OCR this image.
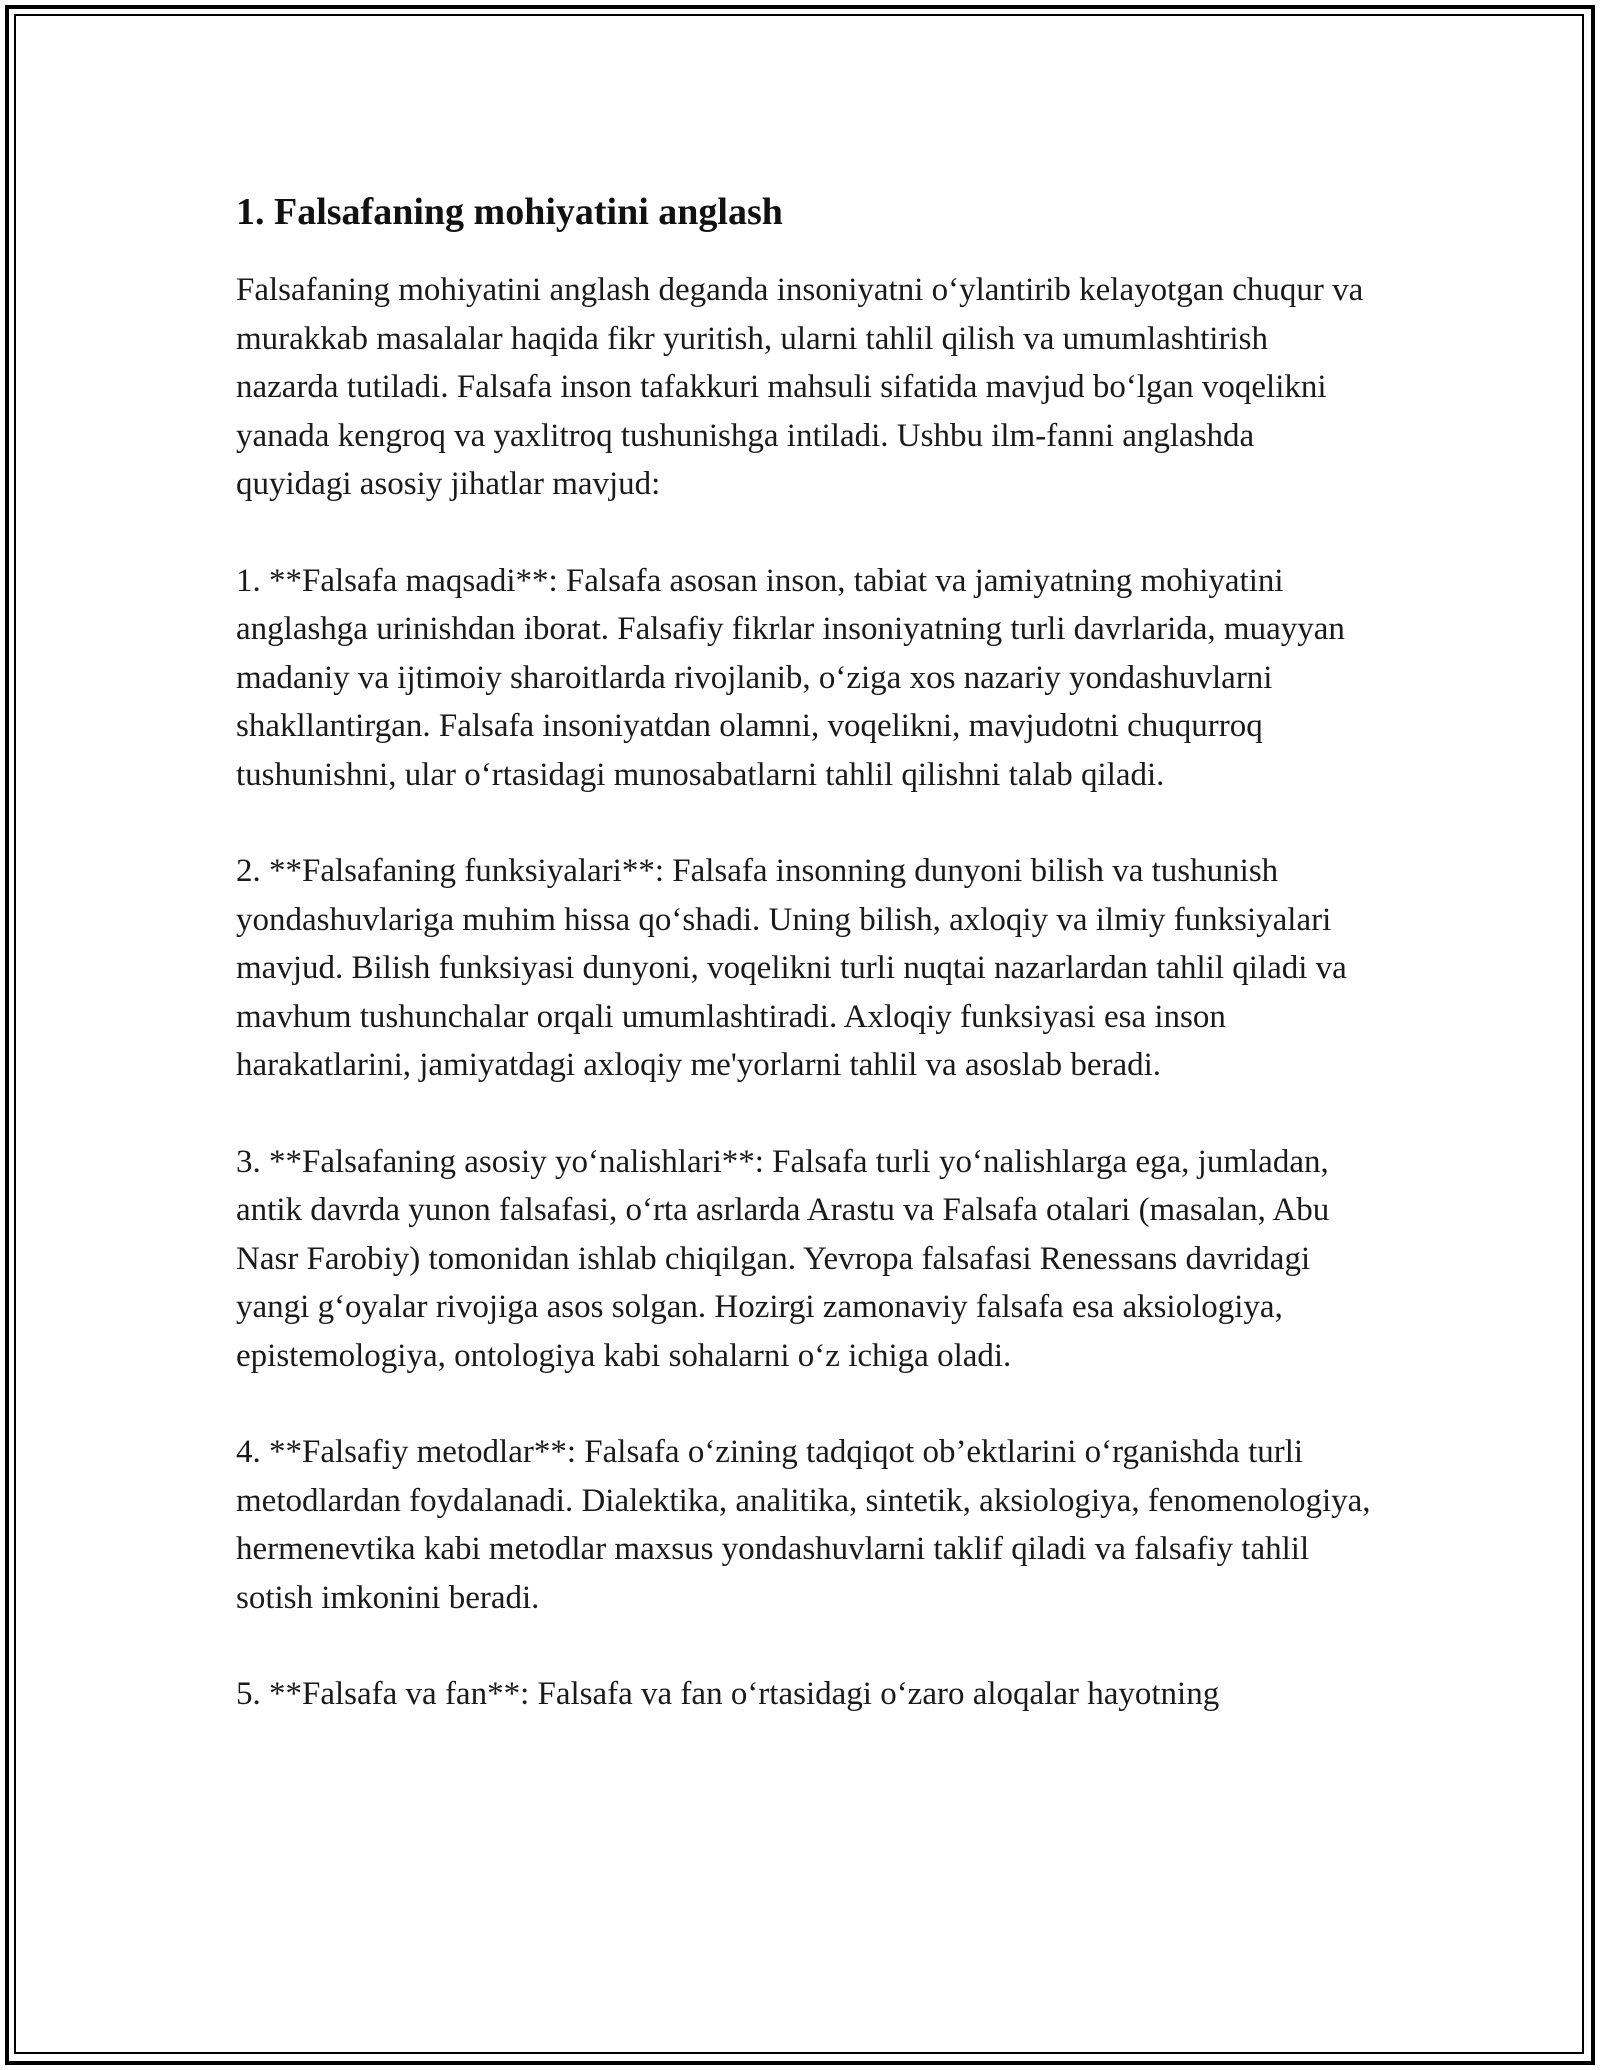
1. Falsafaning mohiyatini anglash

Falsafaning mohiyatini anglash deganda insoniyatni o‘ylantirib kelayotgan chuqur va murakkab masalalar haqida fikr yuritish, ularni tahlil qilish va umumlashtirish nazarda tutiladi. Falsafa inson tafakkuri mahsuli sifatida mavjud bo‘lgan voqelikni yanada kengroq va yaxlitroq tushunishga intiladi. Ushbu ilm-fanni anglashda quyidagi asosiy jihatlar mavjud:

1. **Falsafa maqsadi**: Falsafa asosan inson, tabiat va jamiyatning mohiyatini anglashga urinishdan iborat. Falsafiy fikrlar insoniyatning turli davrlarida, muayyan madaniy va ijtimoiy sharoitlarda rivojlanib, o‘ziga xos nazariy yondashuvlarni shakllantirgan. Falsafa insoniyatdan olamni, voqelikni, mavjudotni chuqurroq tushunishni, ular o‘rtasidagi munosabatlarni tahlil qilishni talab qiladi.

2. **Falsafaning funksiyalari**: Falsafa insonning dunyoni bilish va tushunish yondashuvlariga muhim hissa qo‘shadi. Uning bilish, axloqiy va ilmiy funksiyalari mavjud. Bilish funksiyasi dunyoni, voqelikni turli nuqtai nazarlardan tahlil qiladi va mavhum tushunchalar orqali umumlashtiradi. Axloqiy funksiyasi esa inson harakatlarini, jamiyatdagi axloqiy me'yorlarni tahlil va asoslab beradi.

3. **Falsafaning asosiy yo‘nalishlari**: Falsafa turli yo‘nalishlarga ega, jumladan, antik davrda yunon falsafasi, o‘rta asrlarda Arastu va Falsafa otalari (masalan, Abu Nasr Farobiy) tomonidan ishlab chiqilgan. Yevropa falsafasi Renessans davridagi yangi g‘oyalar rivojiga asos solgan. Hozirgi zamonaviy falsafa esa aksiologiya, epistemologiya, ontologiya kabi sohalarni o‘z ichiga oladi.

4. **Falsafiy metodlar**: Falsafa o‘zining tadqiqot ob’ektlarini o‘rganishda turli metodlardan foydalanadi. Dialektika, analitika, sintetik, aksiologiya, fenomenologiya, hermenevtika kabi metodlar maxsus yondashuvlarni taklif qiladi va falsafiy tahlil sotish imkonini beradi.

5. **Falsafa va fan**: Falsafa va fan o‘rtasidagi o‘zaro aloqalar hayotning
